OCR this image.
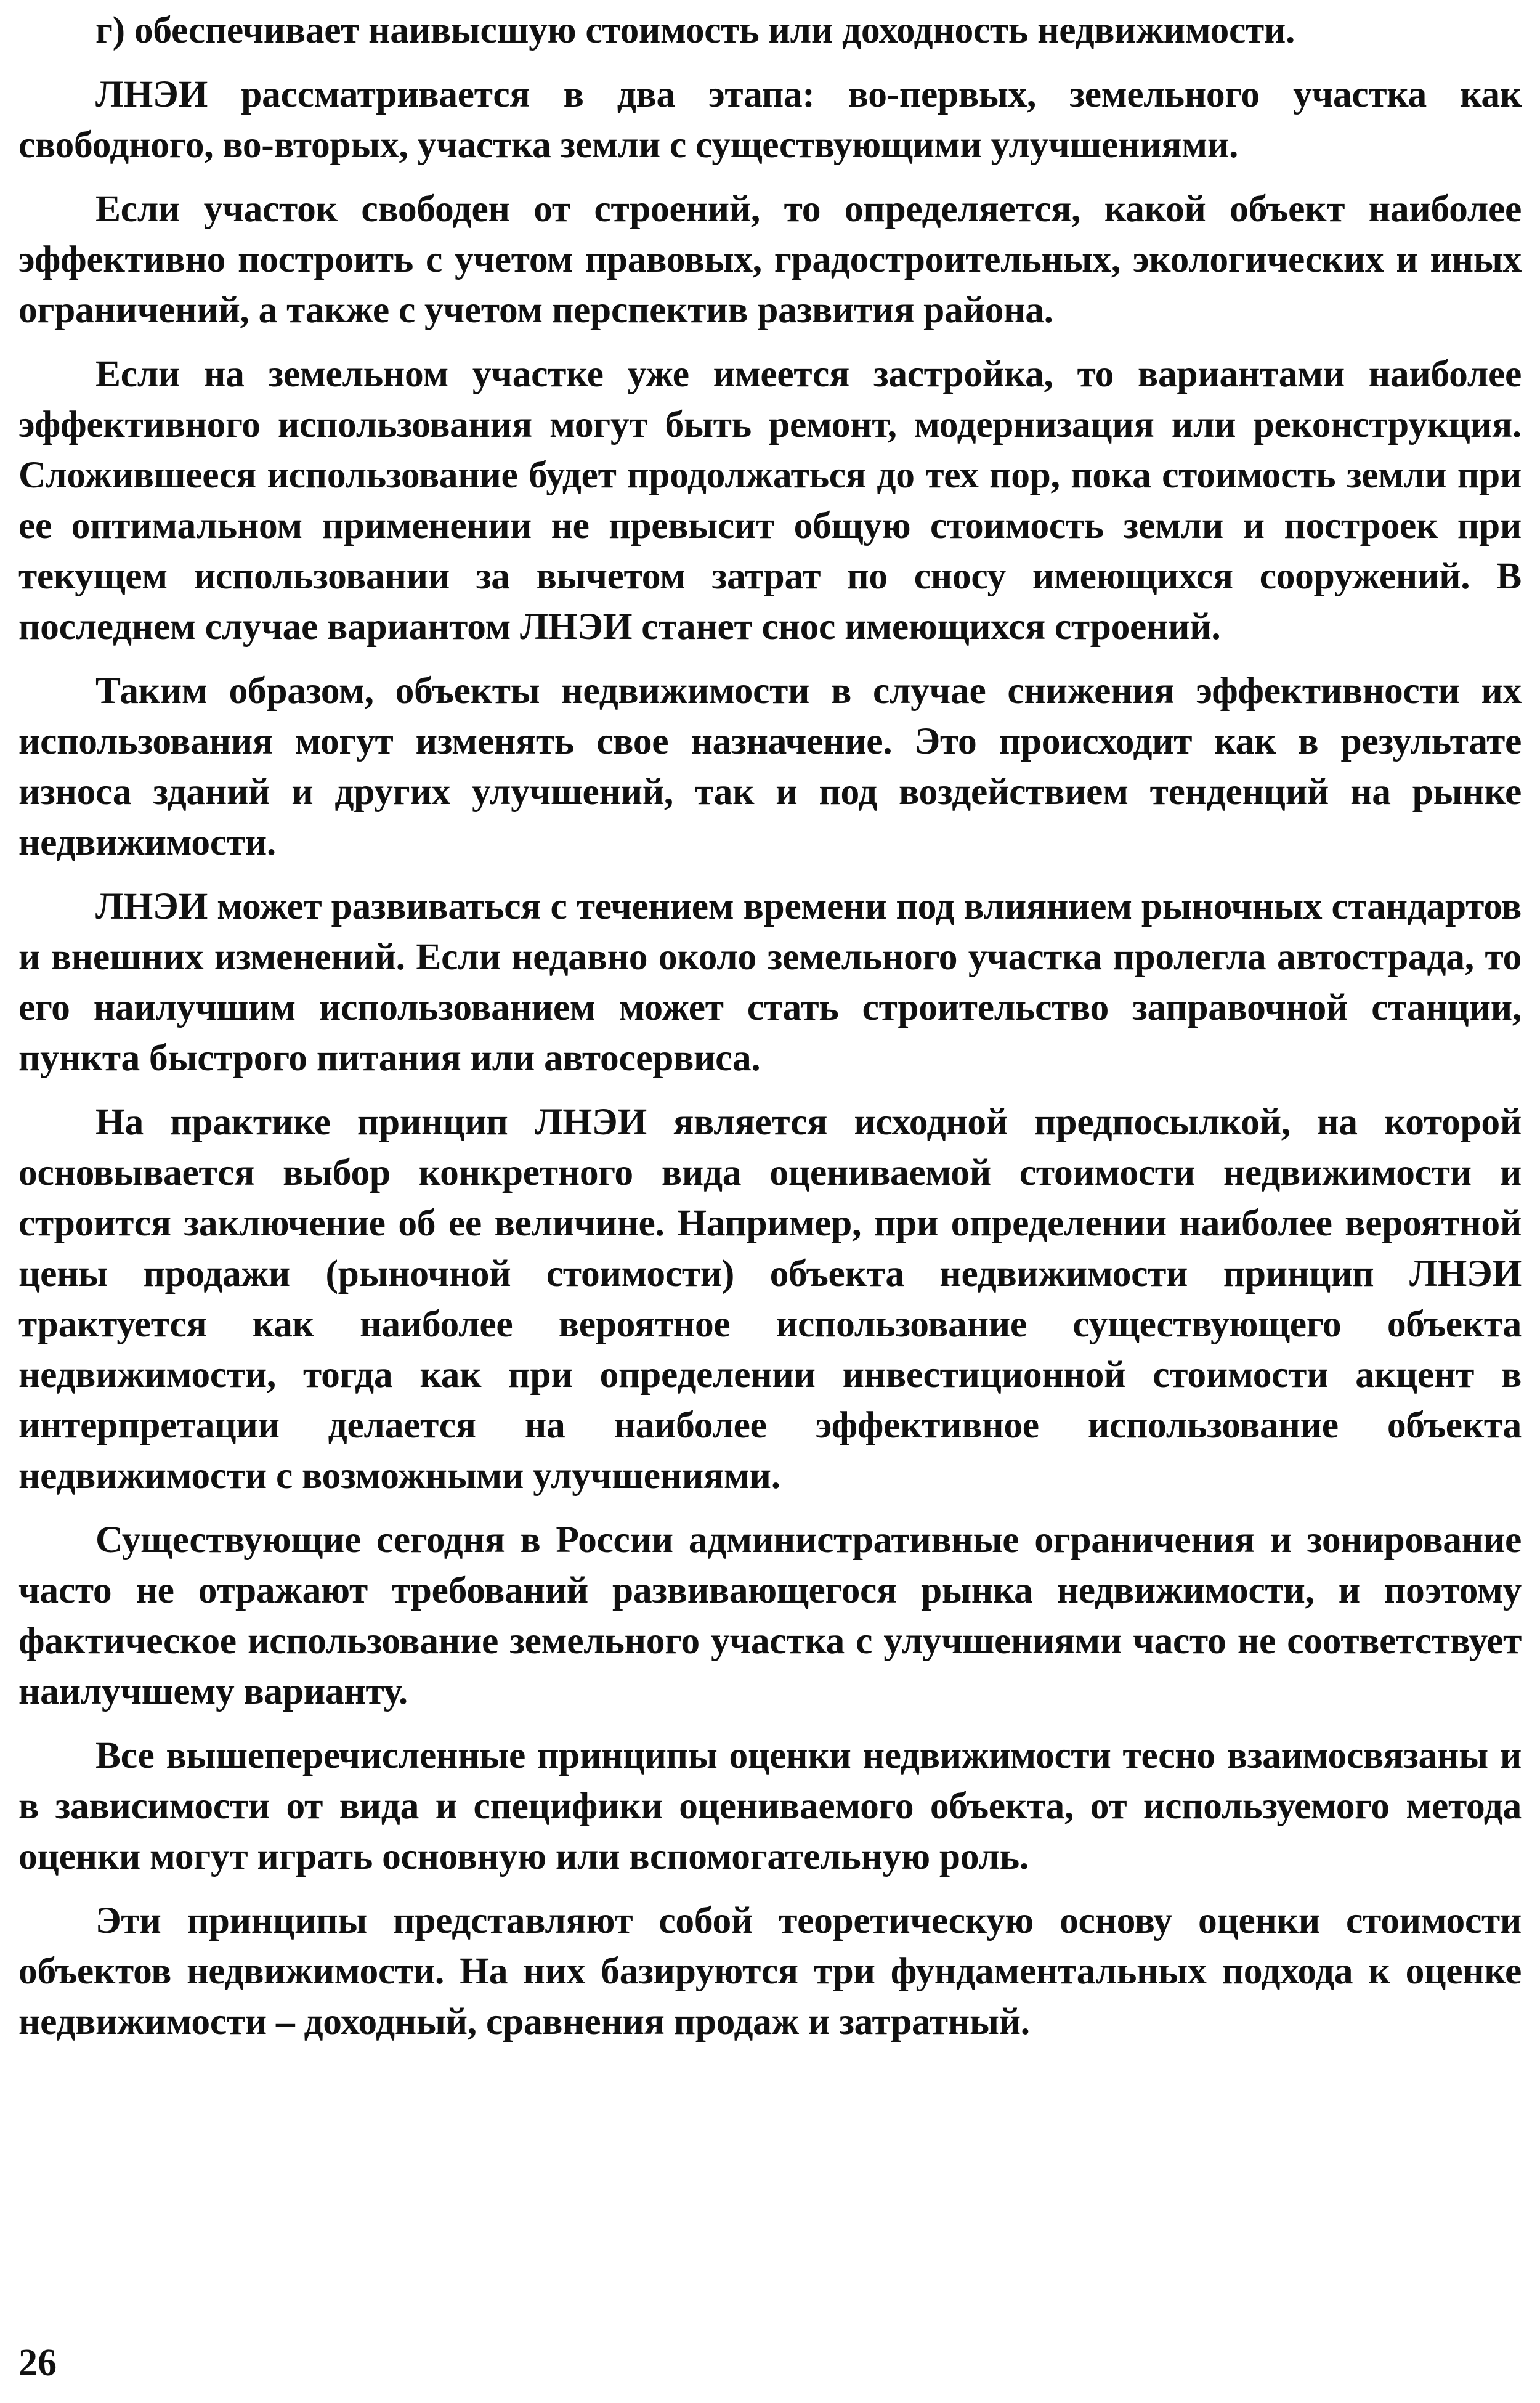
г) обеспечивает наивысшую стоимость или доходность недвижимости.

ЛНЭИ рассматривается в два этапа: во-первых, земельного участка как свободного, во-вторых, участка земли с существующими улучшениями.

Если участок свободен от строений, то определяется, какой объект наиболее эффективно построить с учетом правовых, градостроительных, экологических и иных ограничений, а также с учетом перспектив развития района.

Если на земельном участке уже имеется застройка, то вариантами наиболее эффективного использования могут быть ремонт, модернизация или реконструкция. Сложившееся использование будет продолжаться до тех пор, пока стоимость земли при ее оптимальном применении не превысит общую стоимость земли и построек при текущем использовании за вычетом затрат по сносу имеющихся сооружений. В последнем случае вариантом ЛНЭИ станет снос имеющихся строений.

Таким образом, объекты недвижимости в случае снижения эффективности их использования могут изменять свое назначение. Это происходит как в результате износа зданий и других улучшений, так и под воздействием тенденций на рынке недвижимости.

ЛНЭИ может развиваться с течением времени под влиянием рыночных стандартов и внешних изменений. Если недавно около земельного участка пролегла автострада, то его наилучшим использованием может стать строительство заправочной станции, пункта быстрого питания или автосервиса.

На практике принцип ЛНЭИ является исходной предпосылкой, на которой основывается выбор конкретного вида оцениваемой стоимости недвижимости и строится заключение об ее величине. Например, при определении наиболее вероятной цены продажи (рыночной стоимости) объекта недвижимости принцип ЛНЭИ трактуется как наиболее вероятное использование существующего объекта недвижимости, тогда как при определении инвестиционной стоимости акцент в интерпретации делается на наиболее эффективное использование объекта недвижимости с возможными улучшениями.

Существующие сегодня в России административные ограничения и зонирование часто не отражают требований развивающегося рынка недвижимости, и поэтому фактическое использование земельного участка с улучшениями часто не соответствует наилучшему варианту.

Все вышеперечисленные принципы оценки недвижимости тесно взаимосвязаны и в зависимости от вида и специфики оцениваемого объекта, от используемого метода оценки могут играть основную или вспомогательную роль.

Эти принципы представляют собой теоретическую основу оценки стоимости объектов недвижимости. На них базируются три фундаментальных подхода к оценке недвижимости – доходный, сравнения продаж и затратный.

26
